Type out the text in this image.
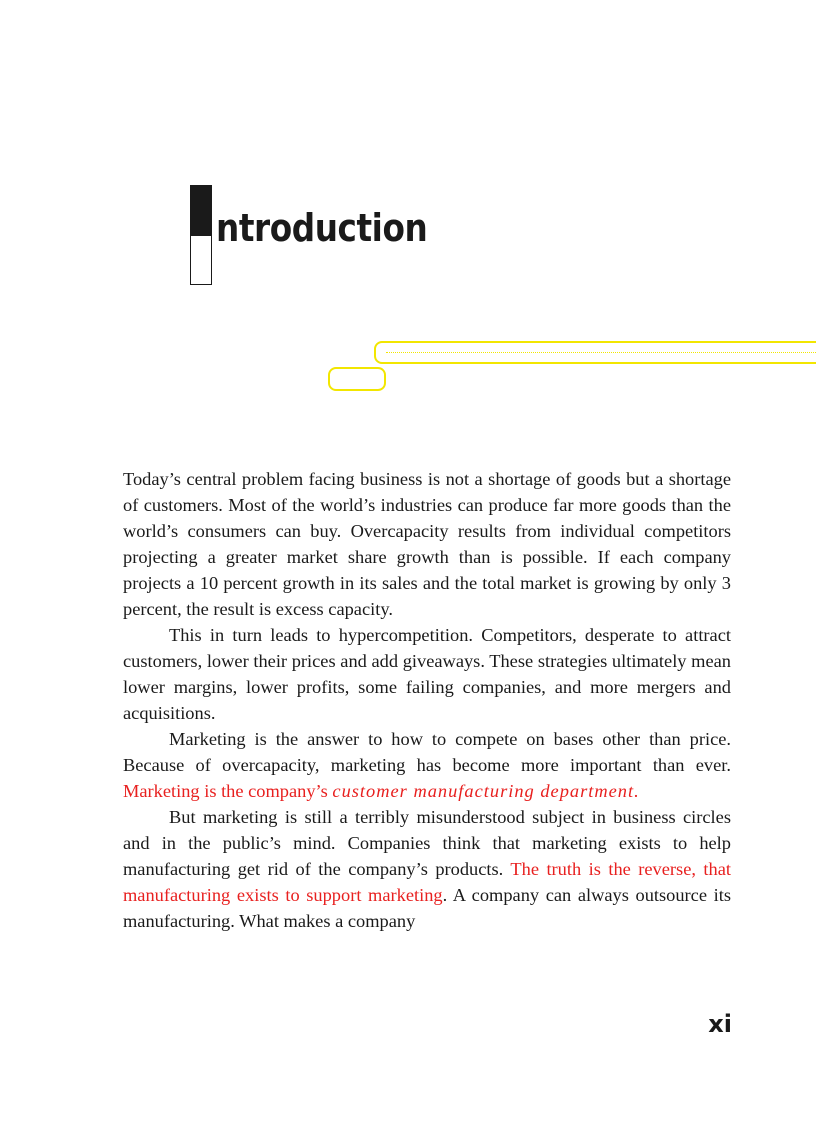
ntroduction

Today’s central problem facing business is not a shortage of goods but a shortage of customers. Most of the world’s industries can produce far more goods than the world’s consumers can buy. Overcapacity results from individual competitors projecting a greater market share growth than is possible. If each company projects a 10 percent growth in its sales and the total market is growing by only 3 percent, the result is excess capacity.

This in turn leads to hypercompetition. Competitors, desperate to attract customers, lower their prices and add giveaways. These strategies ultimately mean lower margins, lower profits, some failing companies, and more mergers and acquisitions.

Marketing is the answer to how to compete on bases other than price. Because of overcapacity, marketing has become more important than ever. Marketing is the company’s customer manufacturing department.

But marketing is still a terribly misunderstood subject in business circles and in the public’s mind. Companies think that marketing exists to help manufacturing get rid of the company’s products. The truth is the reverse, that manufacturing exists to support marketing. A company can always outsource its manufacturing. What makes a company

xi
